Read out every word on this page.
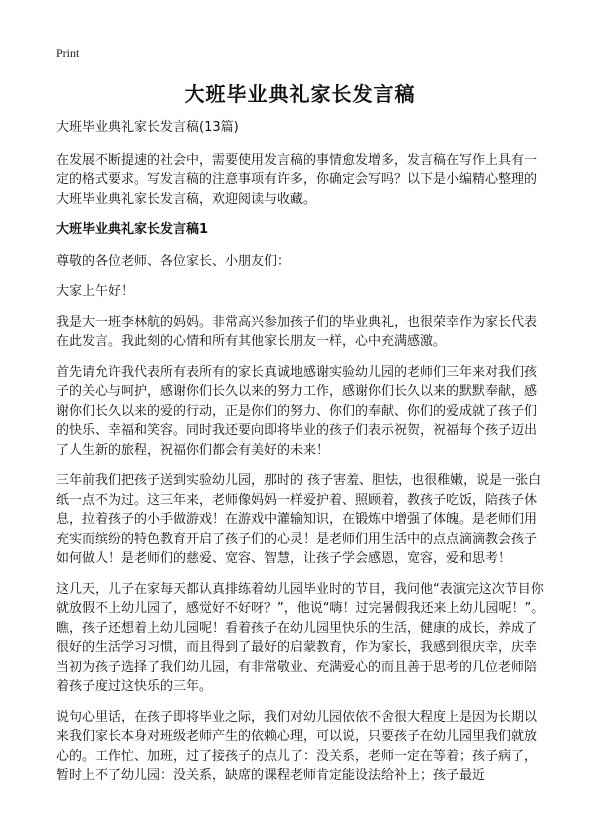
Print
大班毕业典礼家长发言稿

大班毕业典礼家长发言稿(13篇)

在发展不断提速的社会中，需要使用发言稿的事情愈发增多，发言稿在写作上具有一定的格式要求。写发言稿的注意事项有许多，你确定会写吗？以下是小编精心整理的大班毕业典礼家长发言稿，欢迎阅读与收藏。

大班毕业典礼家长发言稿1

尊敬的各位老师、各位家长、小朋友们：

大家上午好！

我是大一班李林航的妈妈。非常高兴参加孩子们的毕业典礼，也很荣幸作为家长代表在此发言。我此刻的心情和所有其他家长朋友一样，心中充满感激。

首先请允许我代表所有表所有的家长真诚地感谢实验幼儿园的老师们三年来对我们孩子的关心与呵护，感谢你们长久以来的努力工作，感谢你们长久以来的默默奉献，感谢你们长久以来的爱的行动，正是你们的努力、你们的奉献、你们的爱成就了孩子们的快乐、幸福和笑容。同时我还要向即将毕业的孩子们表示祝贺，祝福每个孩子迈出了人生新的旅程，祝福你们都会有美好的未来！

三年前我们把孩子送到实验幼儿园，那时的 孩子害羞、胆怯，也很稚嫩，说是一张白纸一点不为过。这三年来，老师像妈妈一样爱护着、照顾着，教孩子吃饭，陪孩子休息，拉着孩子的小手做游戏！在游戏中灌输知识，在锻炼中增强了体魄。是老师们用充实而缤纷的特色教育开启了孩子们的心灵！是老师们用生活中的点点滴滴教会孩子如何做人！是老师们的慈爱、宽容、智慧，让孩子学会感恩，宽容，爱和思考！

这几天，儿子在家每天都认真排练着幼儿园毕业时的节目，我问他“表演完这次节目你就放假不上幼儿园了，感觉好不好呀？”，他说“嗨！过完暑假我还来上幼儿园呢！”。瞧，孩子还想着上幼儿园呢！看着孩子在幼儿园里快乐的生活，健康的成长，养成了很好的生活学习习惯，而且得到了最好的启蒙教育，作为家长，我感到很庆幸，庆幸当初为孩子选择了我们幼儿园，有非常敬业、充满爱心的而且善于思考的几位老师陪着孩子度过这快乐的三年。

说句心里话，在孩子即将毕业之际，我们对幼儿园依依不舍很大程度上是因为长期以来我们家长本身对班级老师产生的依赖心理，可以说，只要孩子在幼儿园里我们就放心的。工作忙、加班，过了接孩子的点儿了：没关系，老师一定在等着；孩子病了，暂时上不了幼儿园：没关系，缺席的课程老师肯定能设法给补上；孩子最近
